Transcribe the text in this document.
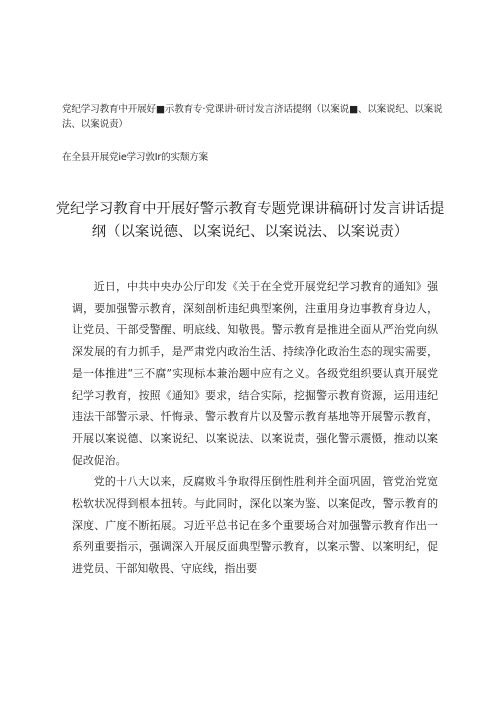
党纪学习教育中开展好■示教育专·党课讲·研讨发言济话提纲（以案说■、以案说纪、以案说法、以案说责）
在全县开展党ie学习敦Ir的实颓方案
党纪学习教育中开展好警示教育专题党课讲稿研讨发言讲话提纲（以案说德、以案说纪、以案说法、以案说责）

近日，中共中央办公厅印发《关于在全党开展党纪学习教育的通知》强调，要加强警示教育，深刻剖析违纪典型案例，注重用身边事教育身边人，让党员、干部受警醒、明底线、知敬畏。警示教育是推进全面从严治党向纵深发展的有力抓手，是严肃党内政治生活、持续净化政治生态的现实需要，是一体推进“三不腐”实现标本兼治题中应有之义。各级党组织要认真开展党纪学习教育，按照《通知》要求，结合实际，挖掘警示教育资源，运用违纪违法干部警示录、忏悔录、警示教育片以及警示教育基地等开展警示教育，开展以案说德、以案说纪、以案说法、以案说责，强化警示震慑，推动以案促改促治。

党的十八大以来，反腐败斗争取得压倒性胜利并全面巩固，管党治党宽松软状况得到根本扭转。与此同时，深化以案为鉴、以案促改，警示教育的深度、广度不断拓展。习近平总书记在多个重要场合对加强警示教育作出一系列重要指示，强调深入开展反面典型警示教育，以案示警、以案明纪，促进党员、干部知敬畏、守底线，指出要
